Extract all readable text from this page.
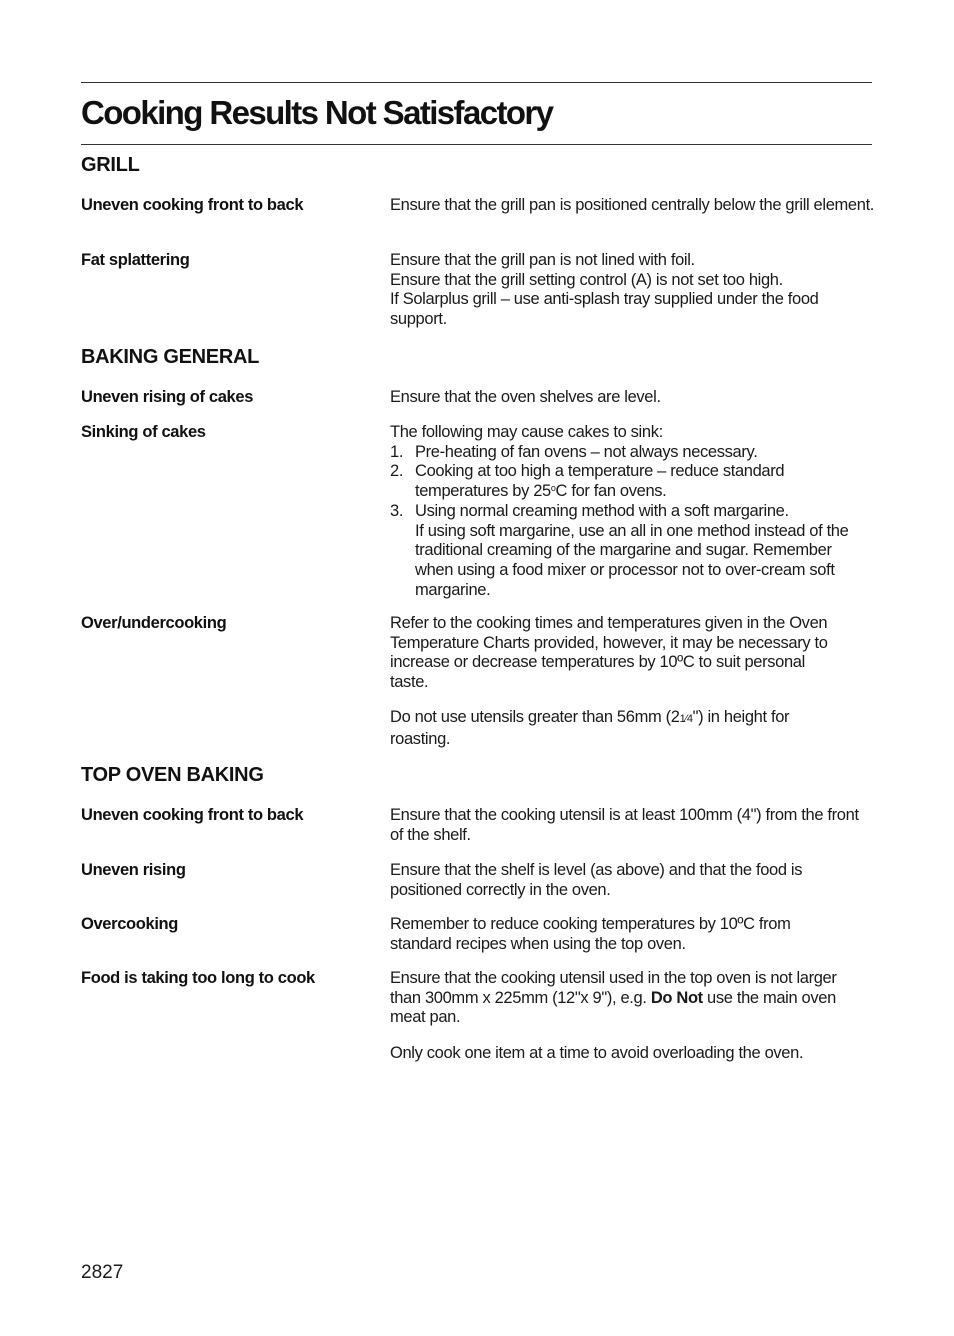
Cooking Results Not Satisfactory
GRILL
Uneven cooking front to back	Ensure that the grill pan is positioned centrally below the grill element.

Fat splattering	Ensure that the grill pan is not lined with foil.

Ensure that the grill setting control (A) is not set too high.

If Solarplus grill – use anti-splash tray supplied under the food support.

BAKING GENERAL
Uneven rising of cakes	Ensure that the oven shelves are level.

Sinking of cakes	The following may cause cakes to sink:

1. Pre-heating of fan ovens – not always necessary.
2. Cooking at too high a temperature – reduce standard temperatures by 25$^o$C for fan ovens.
3. Using normal creaming method with a soft margarine.
If using soft margarine, use an all in one method instead of the traditional creaming of the margarine and sugar. Remember when using a food mixer or processor not to over-cream soft margarine.
Over/undercooking	Refer to the cooking times and temperatures given in the Oven Temperature Charts provided, however, it may be necessary to increase or decrease temperatures by 10ºC to suit personal taste.

Do not use utensils greater than 56mm (21⁄4") in height for roasting.

TOP OVEN BAKING
Uneven cooking front to back	Ensure that the cooking utensil is at least 100mm (4") from the front of the shelf.

Uneven rising	Ensure that the shelf is level (as above) and that the food is positioned correctly in the oven.

Overcooking	Remember to reduce cooking temperatures by 10ºC from standard recipes when using the top oven.

Food is taking too long to cook	Ensure that the cooking utensil used in the top oven is not larger than 300mm x 225mm (12"x 9"), e.g. Do Not use the main oven meat pan.

Only cook one item at a time to avoid overloading the oven.

2827
